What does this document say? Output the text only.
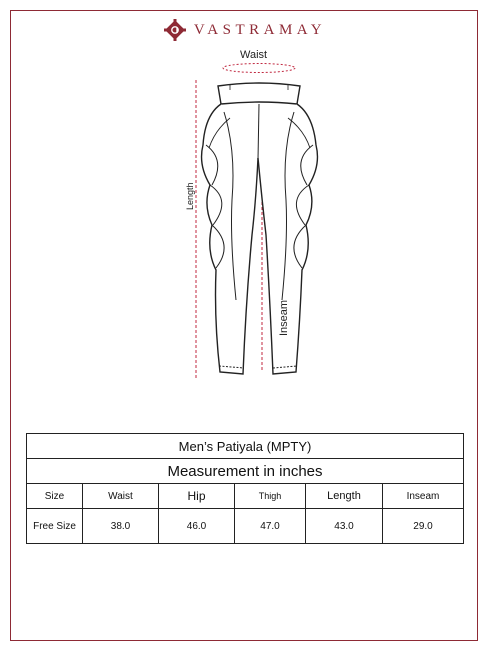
VASTRAMAY
Waist
Length
Inseam
Men’s Patiyala (MPTY)					
Measurement in inches					
Size	Waist	Hip	Thigh	Length	Inseam
Free Size	38.0	46.0	47.0	43.0	29.0
